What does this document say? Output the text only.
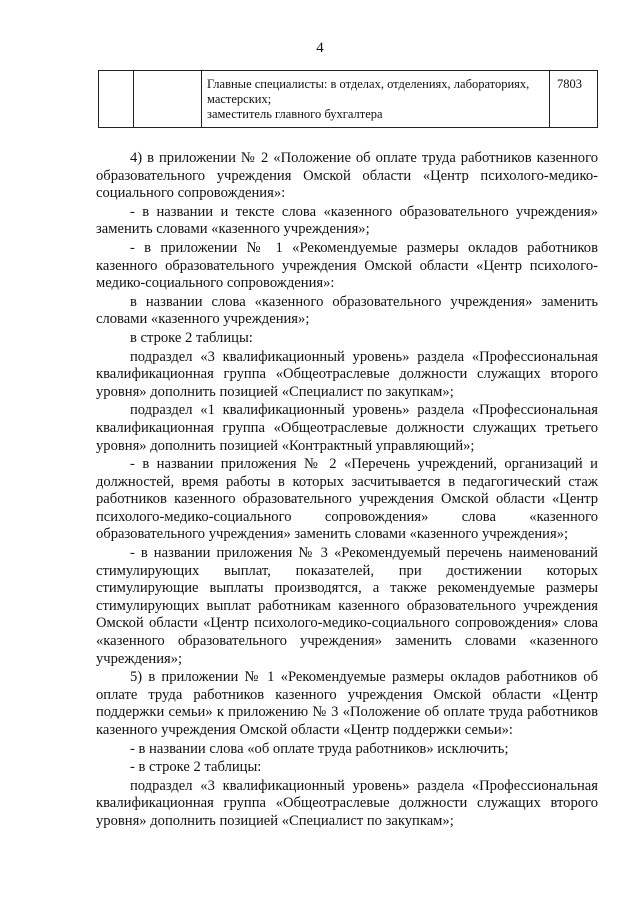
4
Главные специалисты: в отделах, отделениях, лабораториях, мастерских;
заместитель главного бухгалтера
7803

4) в приложении № 2 «Положение об оплате труда работников казенного образовательного учреждения Омской области «Центр психолого-медико-социального сопровождения»:

- в названии и тексте слова «казенного образовательного учреждения» заменить словами «казенного учреждения»;

- в приложении № 1 «Рекомендуемые размеры окладов работников казенного образовательного учреждения Омской области «Центр психолого-медико-социального сопровождения»:

в названии слова «казенного образовательного учреждения» заменить словами «казенного учреждения»;

в строке 2 таблицы:

подраздел «3 квалификационный уровень» раздела «Профессиональная квалификационная группа «Общеотраслевые должности служащих второго уровня» дополнить позицией «Специалист по закупкам»;

подраздел «1 квалификационный уровень» раздела «Профессиональная квалификационная группа «Общеотраслевые должности служащих третьего уровня» дополнить позицией «Контрактный управляющий»;

- в названии приложения № 2 «Перечень учреждений, организаций и должностей, время работы в которых засчитывается в педагогический стаж работников казенного образовательного учреждения Омской области «Центр психолого-медико-социального сопровождения» слова «казенного образовательного учреждения» заменить словами «казенного учреждения»;

- в названии приложения № 3 «Рекомендуемый перечень наименований стимулирующих выплат, показателей, при достижении которых стимулирующие выплаты производятся, а также рекомендуемые размеры стимулирующих выплат работникам казенного образовательного учреждения Омской области «Центр психолого-медико-социального сопровождения» слова «казенного образовательного учреждения» заменить словами «казенного учреждения»;

5) в приложении № 1 «Рекомендуемые размеры окладов работников об оплате труда работников казенного учреждения Омской области «Центр поддержки семьи» к приложению № 3 «Положение об оплате труда работников казенного учреждения Омской области «Центр поддержки семьи»:

- в названии слова «об оплате труда работников» исключить;

- в строке 2 таблицы:

подраздел «3 квалификационный уровень» раздела «Профессиональная квалификационная группа «Общеотраслевые должности служащих второго уровня» дополнить позицией «Специалист по закупкам»;
